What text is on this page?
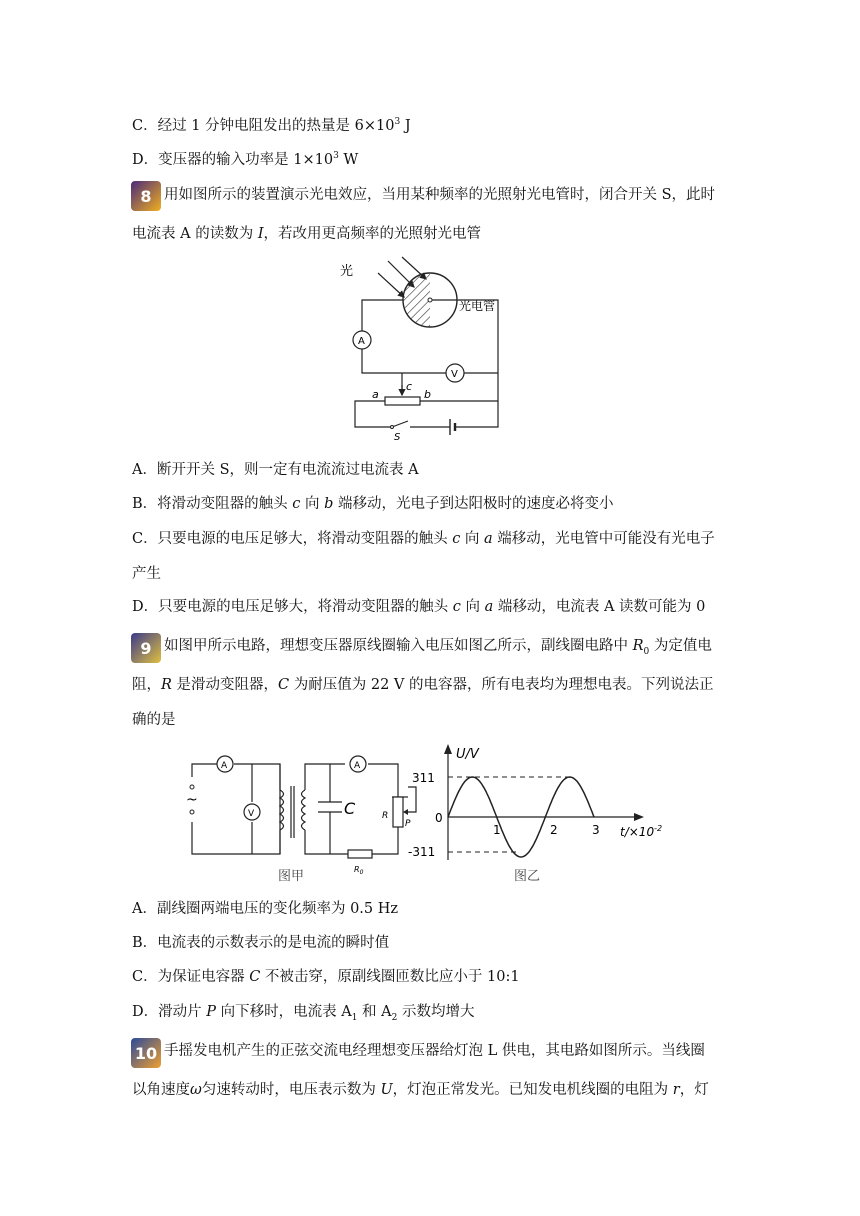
C．经过 1 分钟电阻发出的热量是 $6\times 10^3$ J
D．变压器的输入功率是 $1\times 10^3$ W
8 用如图所示的装置演示光电效应，当用某种频率的光照射光电管时，闭合开关 S，此时
电流表 A 的读数为 I，若改用更高频率的光照射光电管
光
光电管
A
V
c
a	b
S
A．断开开关 S，则一定有电流流过电流表 A
B．将滑动变阻器的触头 c 向 b 端移动，光电子到达阳极时的速度必将变小
C．只要电源的电压足够大，将滑动变阻器的触头 c 向 a 端移动，光电管中可能没有光电子
产生
D．只要电源的电压足够大，将滑动变阻器的触头 c 向 a 端移动，电流表 A 读数可能为 0
9 如图甲所示电路，理想变压器原线圈输入电压如图乙所示，副线圈电路中 $R_0$ 为定值电
阻，R 是滑动变阻器，C 为耐压值为 22 V 的电容器，所有电表均为理想电表。下列说法正
确的是
~
A
V	C
A
R
P
$R_0$
图甲
U/V
$t/\times 10^{-2}$
311
-311
0
1	2	3
图乙
A．副线圈两端电压的变化频率为 0.5 Hz
B．电流表的示数表示的是电流的瞬时值
C．为保证电容器 C 不被击穿，原副线圈匝数比应小于 10:1
D．滑动片 P 向下移时，电流表 $A_1$ 和 $A_2$ 示数均增大
10 手摇发电机产生的正弦交流电经理想变压器给灯泡 L 供电，其电路如图所示。当线圈
以角速度ω匀速转动时，电压表示数为 U，灯泡正常发光。已知发电机线圈的电阻为 r，灯
